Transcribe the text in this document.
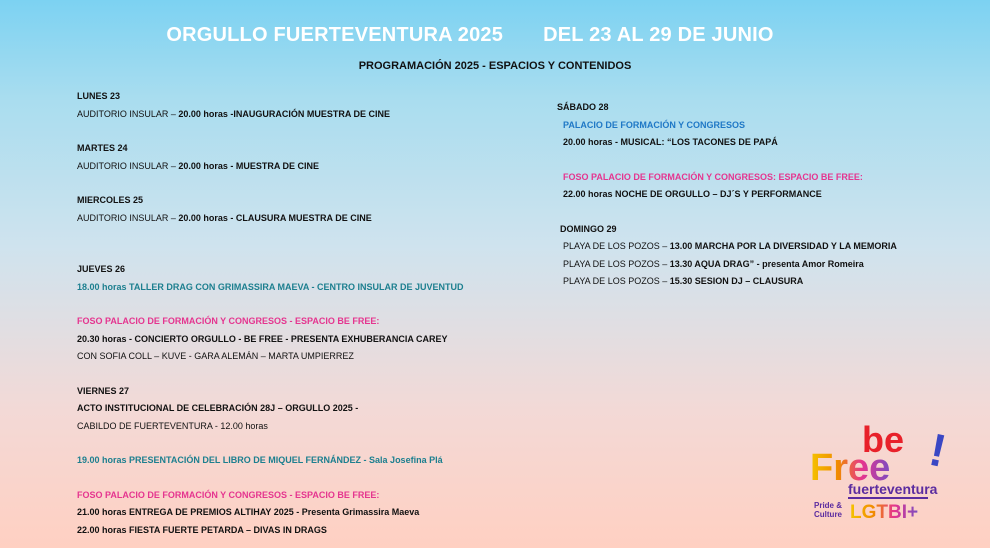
ORGULLO FUERTEVENTURA 2025 DEL 23 AL 29 DE JUNIO
PROGRAMACIÓN 2025 - ESPACIOS Y CONTENIDOS
LUNES 23
AUDITORIO INSULAR – 20.00 horas -INAUGURACIÓN MUESTRA DE CINE
MARTES 24
AUDITORIO INSULAR – 20.00 horas - MUESTRA DE CINE
MIERCOLES 25
AUDITORIO INSULAR – 20.00 horas - CLAUSURA MUESTRA DE CINE
JUEVES 26
18.00 horas TALLER DRAG CON GRIMASSIRA MAEVA - CENTRO INSULAR DE JUVENTUD
FOSO PALACIO DE FORMACIÓN Y CONGRESOS - ESPACIO BE FREE:
20.30 horas - CONCIERTO ORGULLO - BE FREE - PRESENTA EXHUBERANCIA CAREY
CON SOFIA COLL – KUVE - GARA ALEMÁN – MARTA UMPIERREZ
VIERNES 27
ACTO INSTITUCIONAL DE CELEBRACIÓN 28J – ORGULLO 2025 -
CABILDO DE FUERTEVENTURA - 12.00 horas
19.00 horas PRESENTACIÓN DEL LIBRO DE MIQUEL FERNÁNDEZ - Sala Josefina Plá
FOSO PALACIO DE FORMACIÓN Y CONGRESOS - ESPACIO BE FREE:
21.00 horas ENTREGA DE PREMIOS ALTIHAY 2025 - Presenta Grimassira Maeva
22.00 horas FIESTA FUERTE PETARDA – DIVAS IN DRAGS
SÁBADO 28
PALACIO DE FORMACIÓN Y CONGRESOS
20.00 horas - MUSICAL: “LOS TACONES DE PAPÁ
FOSO PALACIO DE FORMACIÓN Y CONGRESOS: ESPACIO BE FREE:
22.00 horas NOCHE DE ORGULLO – DJ´S Y PERFORMANCE
DOMINGO 29
PLAYA DE LOS POZOS – 13.00 MARCHA POR LA DIVERSIDAD Y LA MEMORIA
PLAYA DE LOS POZOS – 13.30 AQUA DRAG” - presenta Amor Romeira
PLAYA DE LOS POZOS – 15.30 SESION DJ – CLAUSURA
be !
Free
fuerteventura
Pride &
Culture LGTBI+
